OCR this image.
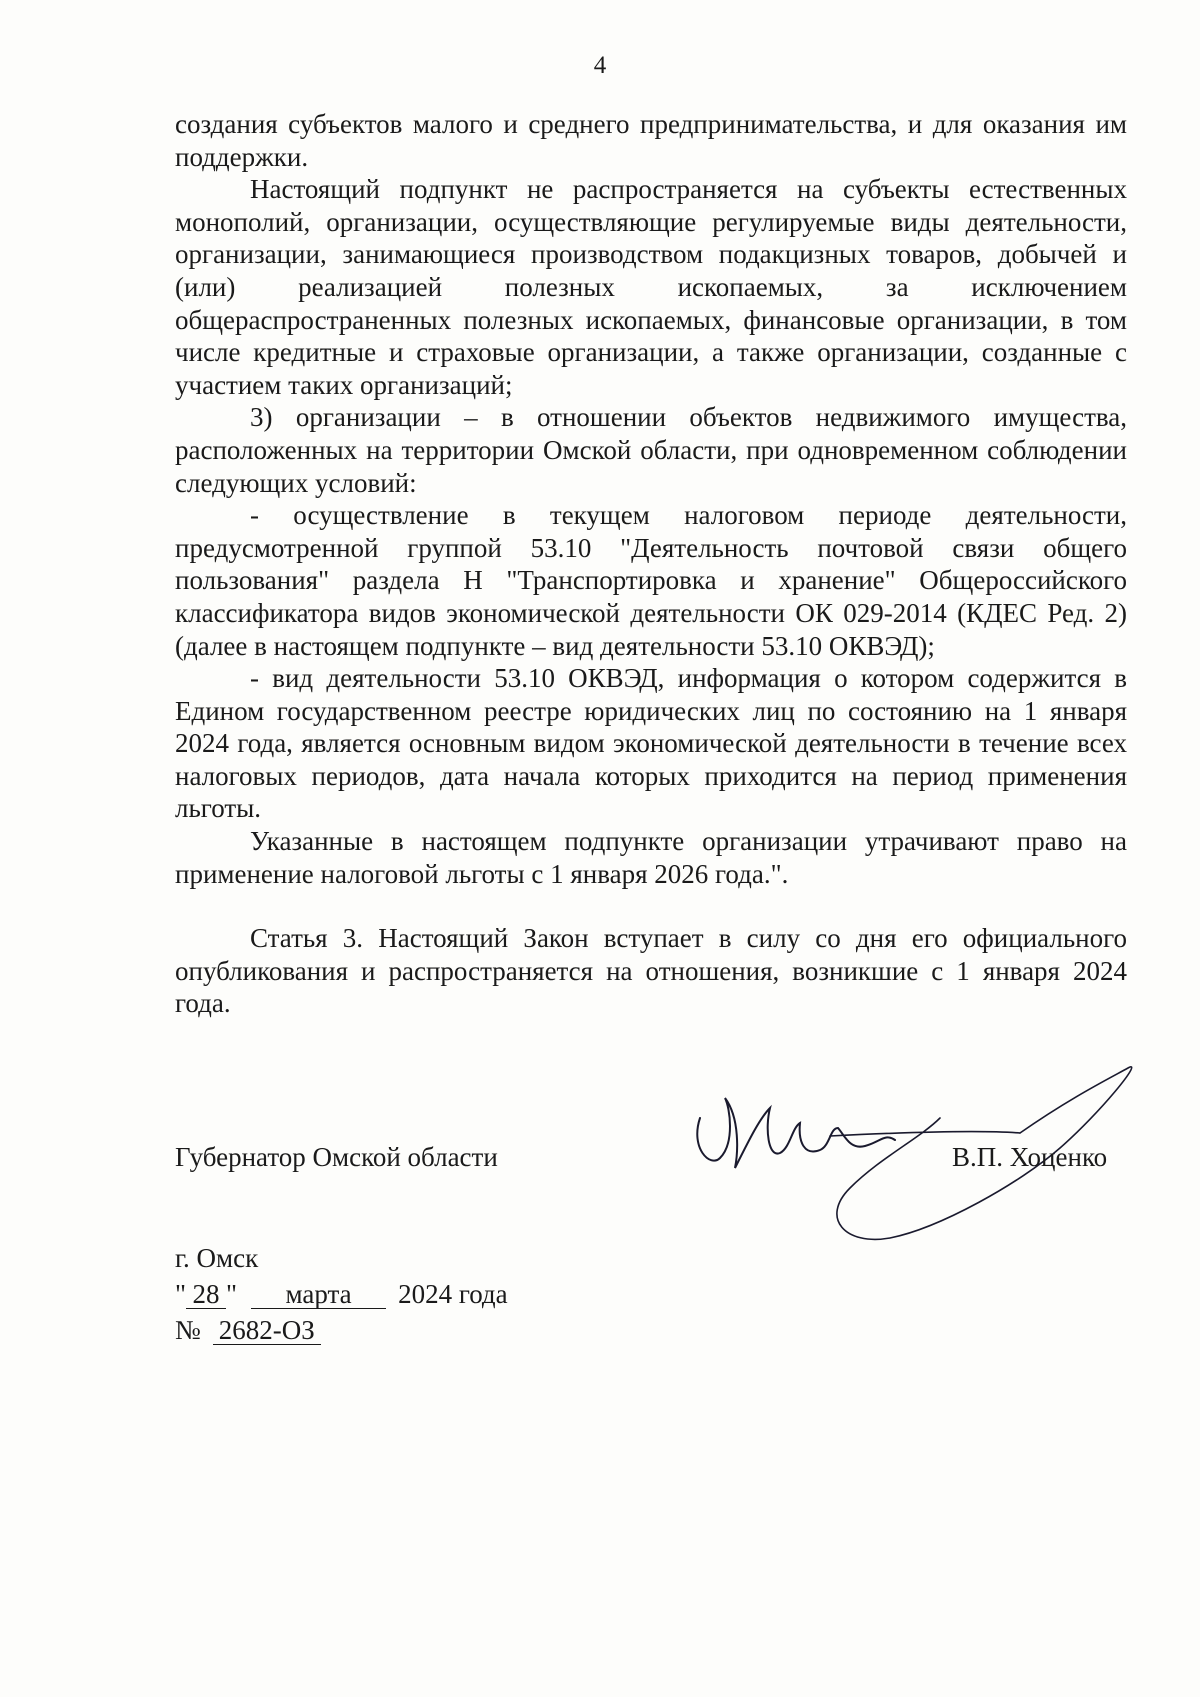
4

создания субъектов малого и среднего предпринимательства, и для оказания им поддержки.

Настоящий подпункт не распространяется на субъекты естественных монополий, организации, осуществляющие регулируемые виды деятельности, организации, занимающиеся производством подакцизных товаров, добычей и (или) реализацией полезных ископаемых, за исключением общераспространенных полезных ископаемых, финансовые организации, в том числе кредитные и страховые организации, а также организации, созданные с участием таких организаций;

3) организации – в отношении объектов недвижимого имущества, расположенных на территории Омской области, при одновременном соблюдении следующих условий:

- осуществление в текущем налоговом периоде деятельности, предусмотренной группой 53.10 "Деятельность почтовой связи общего пользования" раздела H "Транспортировка и хранение" Общероссийского классификатора видов экономической деятельности ОК 029-2014 (КДЕС Ред. 2) (далее в настоящем подпункте – вид деятельности 53.10 ОКВЭД);

- вид деятельности 53.10 ОКВЭД, информация о котором содержится в Едином государственном реестре юридических лиц по состоянию на 1 января 2024 года, является основным видом экономической деятельности в течение всех налоговых периодов, дата начала которых приходится на период применения льготы.

Указанные в настоящем подпункте организации утрачивают право на применение налоговой льготы с 1 января 2026 года.".

Статья 3. Настоящий Закон вступает в силу со дня его официального опубликования и распространяется на отношения, возникшие с 1 января 2024 года.

Губернатор Омской области	В.П. Хоценко
г. Омск
" 28 " марта 2024 года
№ 2682-ОЗ
